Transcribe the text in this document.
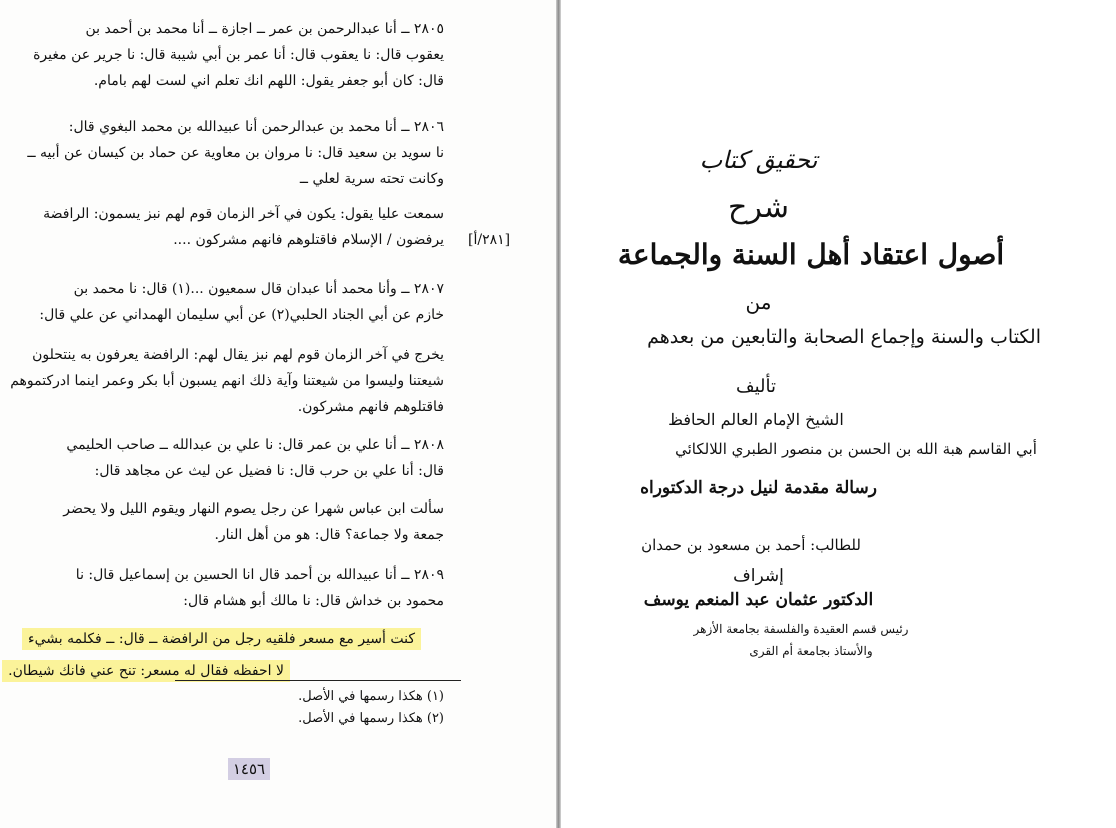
٢٨٠٥ ــ أنا عبدالرحمن بن عمر ــ اجازة ــ أنا محمد بن أحمد بن
يعقوب قال: نا يعقوب قال: أنا عمر بن أبي شيبة قال: نا جرير عن مغيرة
قال: كان أبو جعفر يقول: اللهم انك تعلم اني لست لهم بامام.
٢٨٠٦ ــ أنا محمد بن عبدالرحمن أنا عبيدالله بن محمد البغوي قال:
نا سويد بن سعيد قال: نا مروان بن معاوية عن حماد بن كيسان عن أبيه ــ
وكانت تحته سرية لعلي ــ
سمعت عليا يقول: يكون في آخر الزمان قوم لهم نبز يسمون: الرافضة
يرفضون / الإسلام فاقتلوهم فانهم مشركون .... [٢٨١/أ]
٢٨٠٧ ــ وأنا محمد أنا عبدان قال سمعيون ...(١) قال: نا محمد بن
خازم عن أبي الجناد الحلبي(٢) عن أبي سليمان الهمداني عن علي قال:
يخرج في آخر الزمان قوم لهم نبز يقال لهم: الرافضة يعرفون به ينتحلون
شيعتنا وليسوا من شيعتنا وآية ذلك انهم يسبون أبا بكر وعمر اينما ادركتموهم
فاقتلوهم فانهم مشركون.
٢٨٠٨ ــ أنا علي بن عمر قال: نا علي بن عبدالله ــ صاحب الحليمي
قال: أنا علي بن حرب قال: نا فضيل عن ليث عن مجاهد قال:
سألت ابن عباس شهرا عن رجل يصوم النهار ويقوم الليل ولا يحضر
جمعة ولا جماعة؟ قال: هو من أهل النار.
٢٨٠٩ ــ أنا عبيدالله بن أحمد قال انا الحسين بن إسماعيل قال: نا
محمود بن خداش قال: نا مالك أبو هشام قال:
كنت أسير مع مسعر فلقيه رجل من الرافضة ــ قال: ــ فكلمه بشيء
لا احفظه فقال له مسعر: تنح عني فانك شيطان.
(١) هكذا رسمها في الأصل.
(٢) هكذا رسمها في الأصل.
١٤٥٦
تحقيق كتاب
شرح
أصول اعتقاد أهل السنة والجماعة
من
الكتاب والسنة وإجماع الصحابة والتابعين من بعدهم
تأليف
الشيخ الإمام العالم الحافظ
أبي القاسم هبة الله بن الحسن بن منصور الطبري اللالكائي
رسالة مقدمة لنيل درجة الدكتوراه
للطالب: أحمد بن مسعود بن حمدان
إشراف
الدكتور عثمان عبد المنعم يوسف
رئيس قسم العقيدة والفلسفة بجامعة الأزهر
والأستاذ بجامعة أم القرى
